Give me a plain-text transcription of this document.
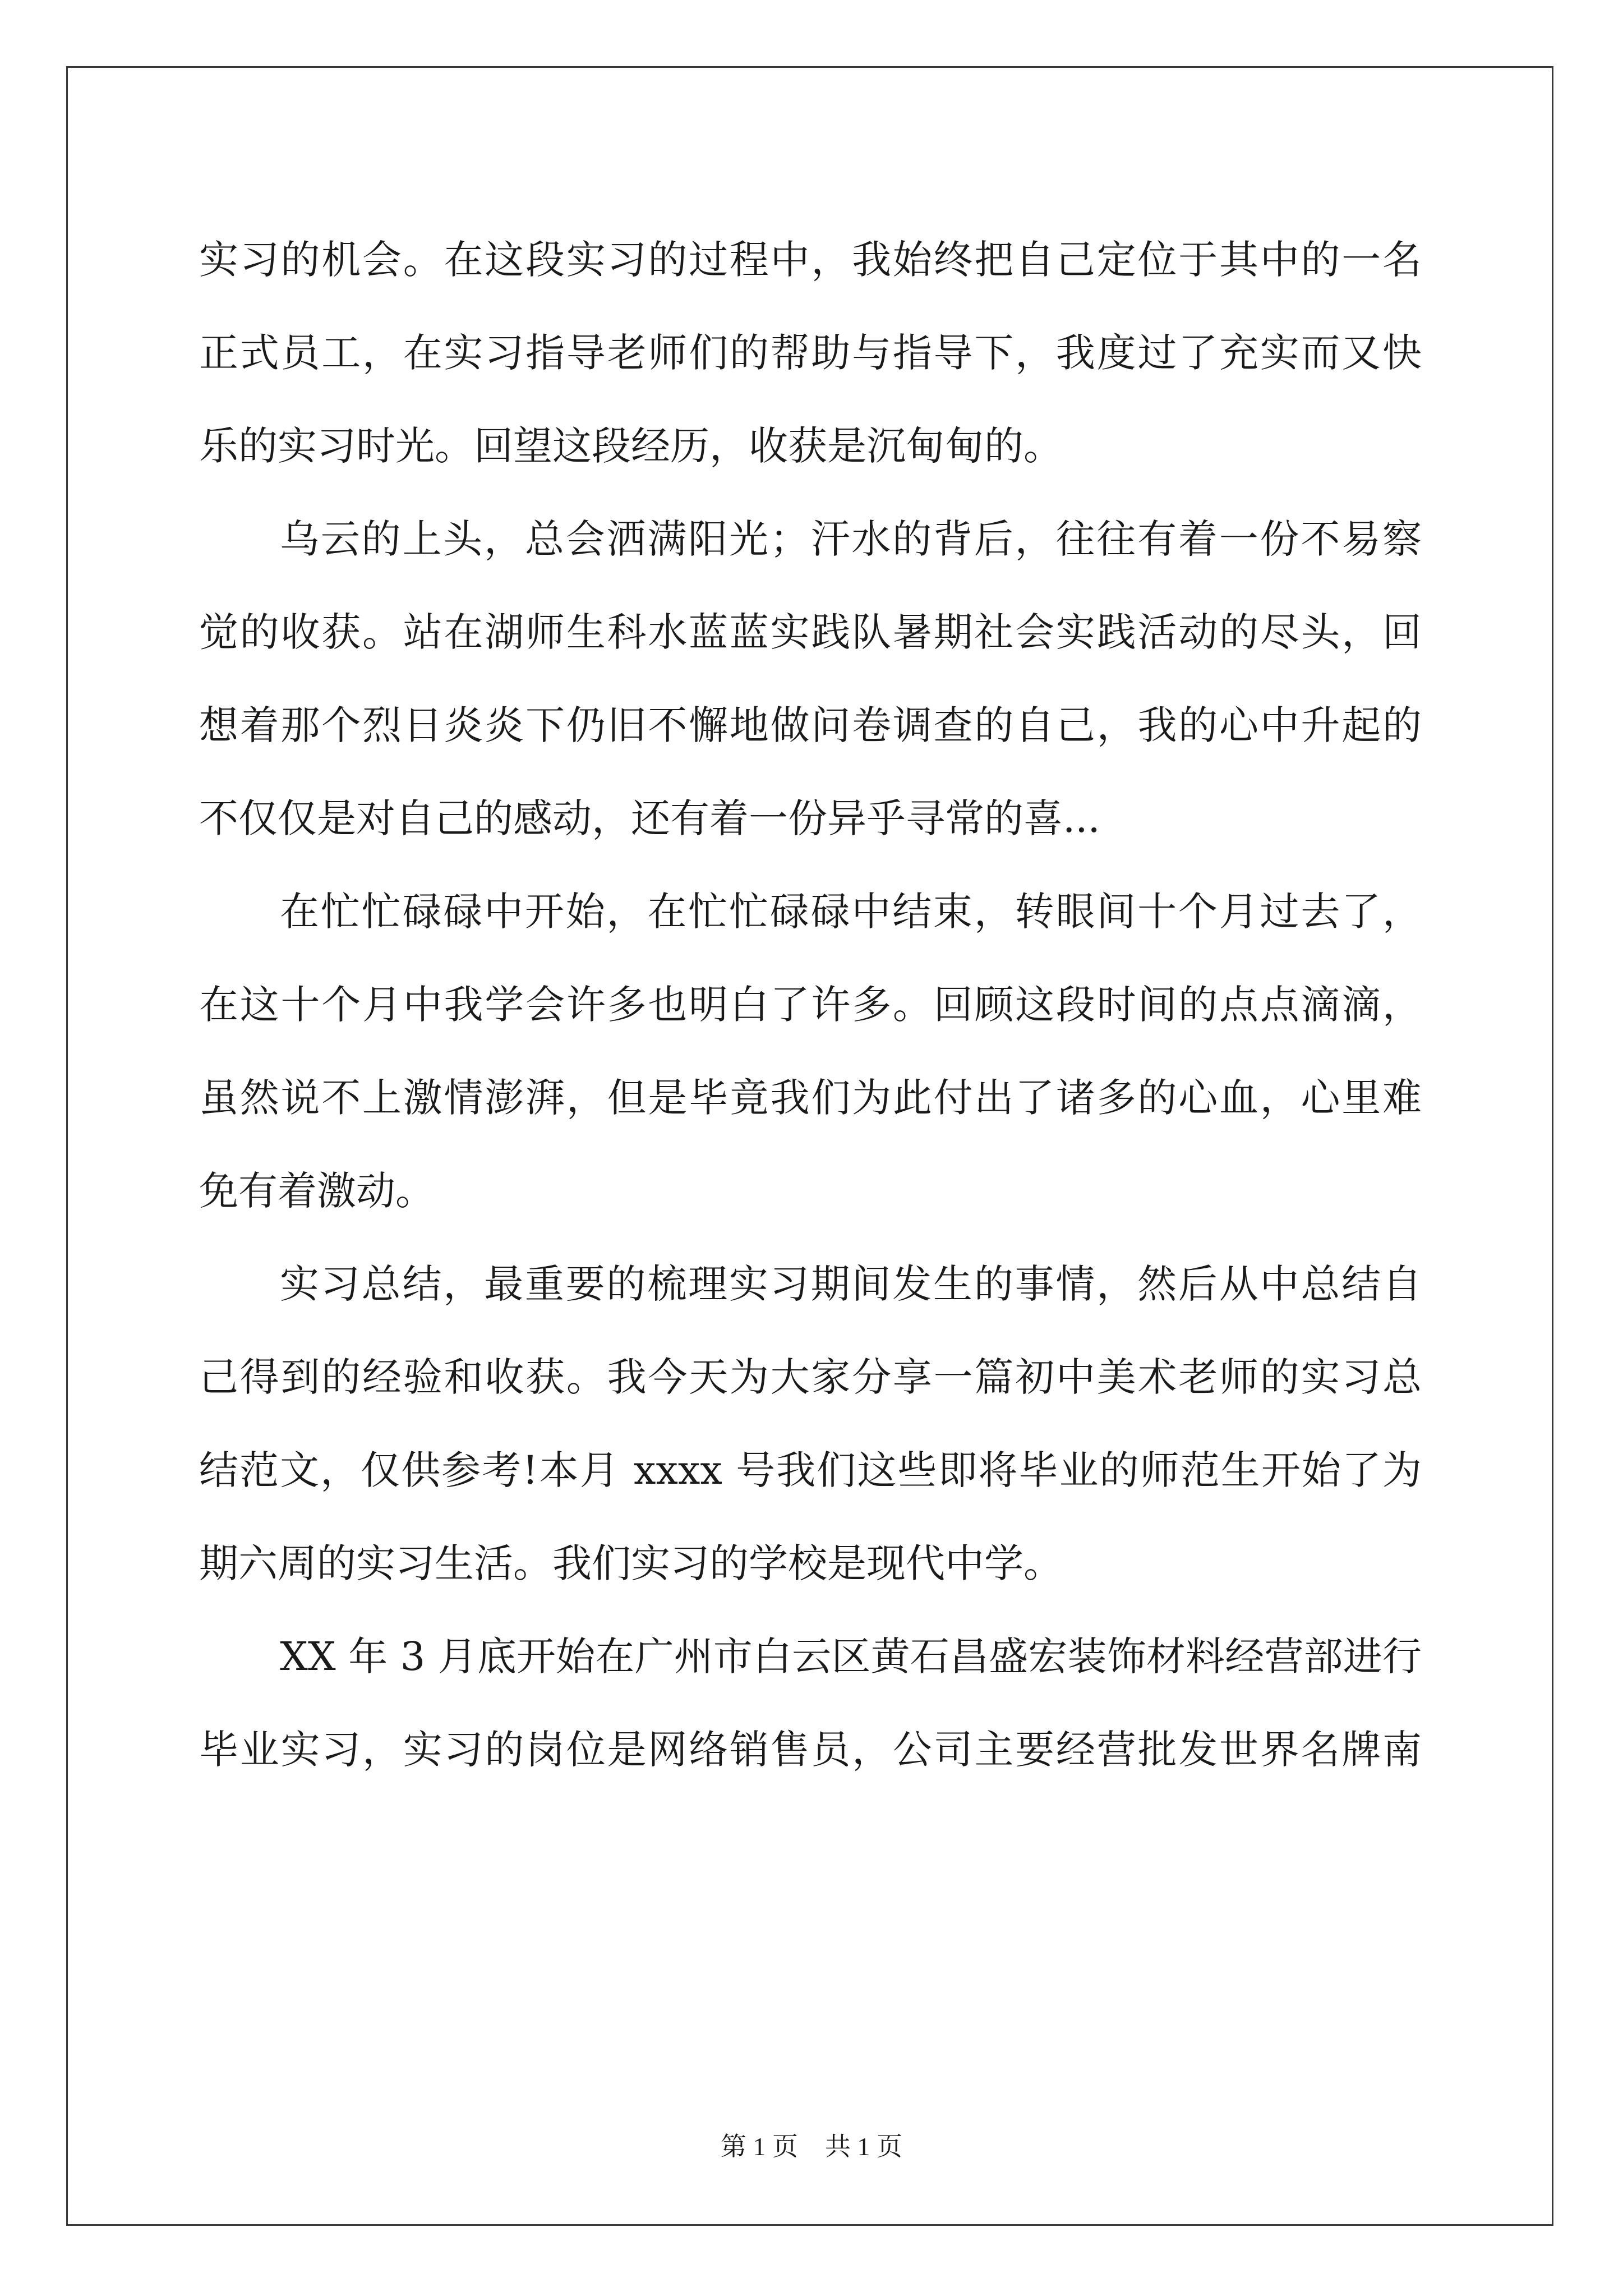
实习的机会。在这段实习的过程中，我始终把自己定位于其中的一名
正式员工，在实习指导老师们的帮助与指导下，我度过了充实而又快
乐的实习时光。回望这段经历，收获是沉甸甸的。
乌云的上头，总会洒满阳光；汗水的背后，往往有着一份不易察
觉的收获。站在湖师生科水蓝蓝实践队暑期社会实践活动的尽头，回
想着那个烈日炎炎下仍旧不懈地做问卷调查的自己，我的心中升起的
不仅仅是对自己的感动，还有着一份异乎寻常的喜...
在忙忙碌碌中开始，在忙忙碌碌中结束，转眼间十个月过去了，
在这十个月中我学会许多也明白了许多。回顾这段时间的点点滴滴，
虽然说不上激情澎湃，但是毕竟我们为此付出了诸多的心血，心里难
免有着激动。
实习总结，最重要的梳理实习期间发生的事情，然后从中总结自
己得到的经验和收获。我今天为大家分享一篇初中美术老师的实习总
结范文，仅供参考!本月 xxxx 号我们这些即将毕业的师范生开始了为
期六周的实习生活。我们实习的学校是现代中学。
XX 年 3 月底开始在广州市白云区黄石昌盛宏装饰材料经营部进行
毕业实习，实习的岗位是网络销售员，公司主要经营批发世界名牌南
第 1 页 共 1 页
